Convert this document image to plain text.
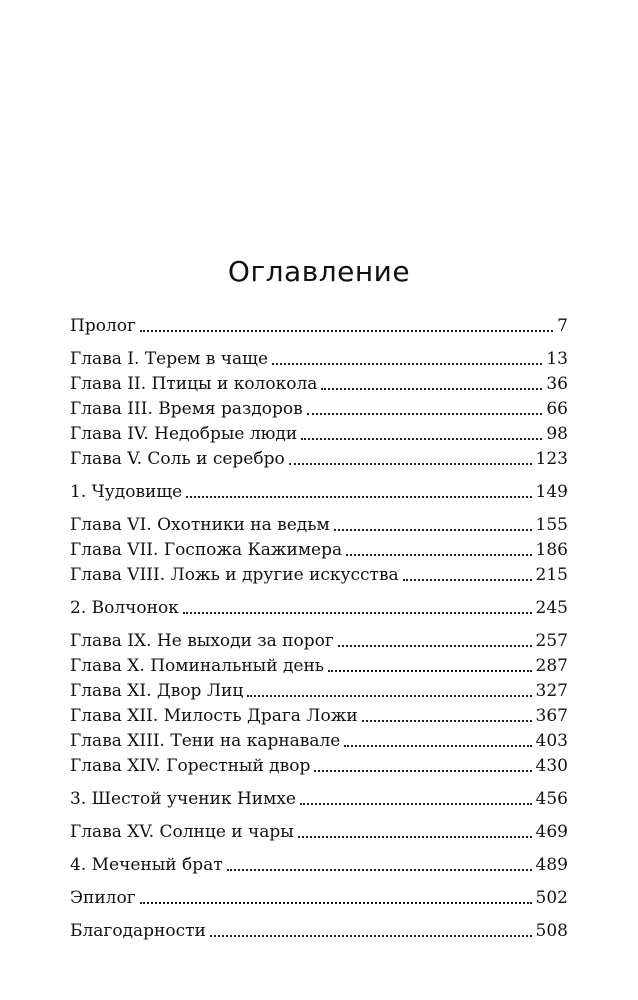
Оглавление
Пролог	7
Глава I. Терем в чаще	13
Глава II. Птицы и колокола	36
Глава III. Время раздоров	66
Глава IV. Недобрые люди	98
Глава V. Соль и серебро	123
1. Чудовище	149
Глава VI. Охотники на ведьм	155
Глава VII. Госпожа Кажимера	186
Глава VIII. Ложь и другие искусства	215
2. Волчонок	245
Глава IX. Не выходи за порог	257
Глава X. Поминальный день	287
Глава XI. Двор Лиц	327
Глава XII. Милость Драга Ложи	367
Глава XIII. Тени на карнавале	403
Глава XIV. Горестный двор	430
3. Шестой ученик Нимхе	456
Глава XV. Солнце и чары	469
4. Меченый брат	489
Эпилог	502
Благодарности	508
